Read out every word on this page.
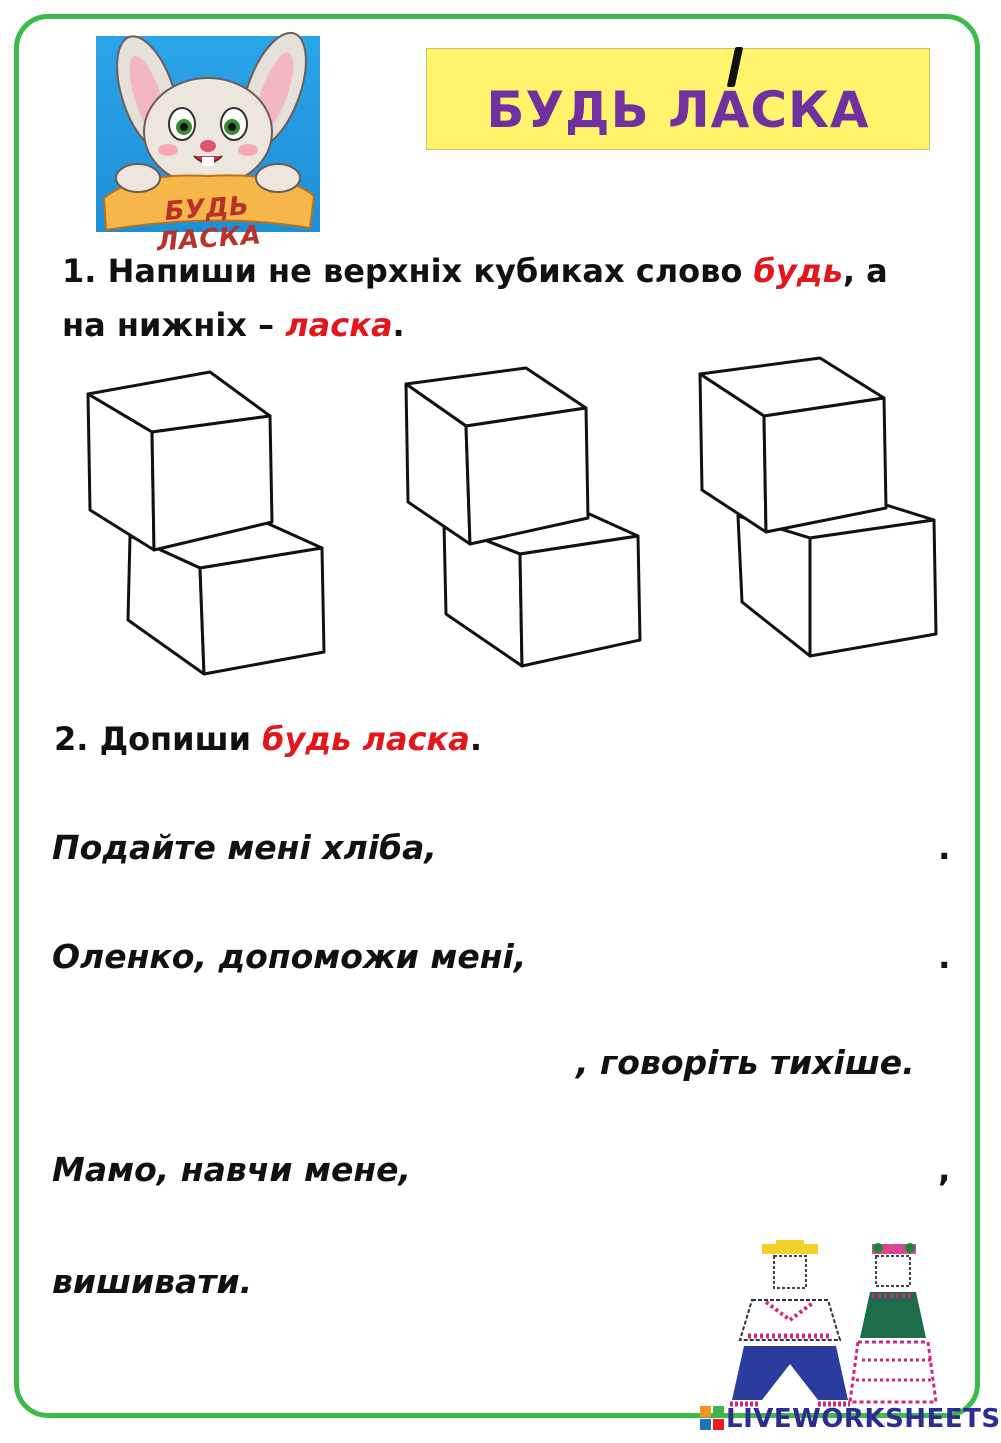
БУДЬ ЛАСКА
БУДЬ ЛАСКА
1. Напиши не верхніх кубиках слово будь, а
на нижніх – ласка.
2. Допиши будь ласка.
Подайте мені хліба,	.
Оленко, допоможи мені,	.
, говоріть тихіше.
Мамо, навчи мене,	,
вишивати.
LIVEWORKSHEETS
